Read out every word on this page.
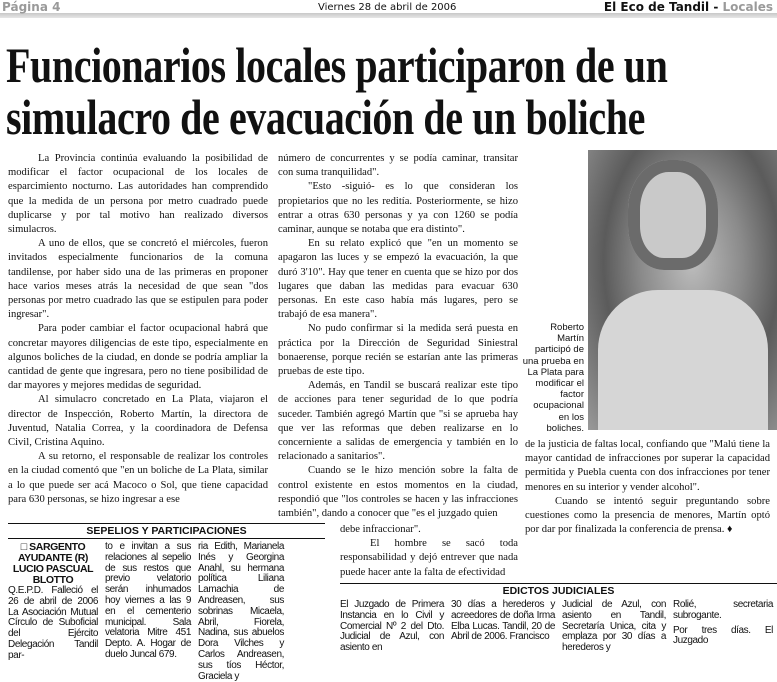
Página 4	Viernes 28 de abril de 2006	El Eco de Tandil - Locales
Funcionarios locales participaron de un
simulacro de evacuación de un boliche

La Provincia continúa evaluando la posibilidad de modificar el factor ocupacional de los locales de esparcimiento nocturno. Las autoridades han comprendido que la medida de un persona por metro cuadrado puede duplicarse y por tal motivo han realizado diversos simulacros.

A uno de ellos, que se concretó el miércoles, fueron invitados especialmente funcionarios de la comuna tandilense, por haber sido una de las primeras en proponer hace varios meses atrás la necesidad de que sean "dos personas por metro cuadrado las que se estipulen para poder ingresar".

Para poder cambiar el factor ocupacional habrá que concretar mayores diligencias de este tipo, especialmente en algunos boliches de la ciudad, en donde se podría ampliar la cantidad de gente que ingresara, pero no tiene posibilidad de dar mayores y mejores medidas de seguridad.

Al simulacro concretado en La Plata, viajaron el director de Inspección, Roberto Martín, la directora de Juventud, Natalia Correa, y la coordinadora de Defensa Civil, Cristina Aquino.

A su retorno, el responsable de realizar los controles en la ciudad comentó que "en un boliche de La Plata, similar a lo que puede ser acá Macoco o Sol, que tiene capacidad para 630 personas, se hizo ingresar a ese

número de concurrentes y se podía caminar, transitar con suma tranquilidad".

"Esto -siguió- es lo que consideran los propietarios que no les reditía. Posteriormente, se hizo entrar a otras 630 personas y ya con 1260 se podía caminar, aunque se notaba que era distinto".

En su relato explicó que "en un momento se apagaron las luces y se empezó la evacuación, la que duró 3'10". Hay que tener en cuenta que se hizo por dos lugares que daban las medidas para evacuar 630 personas. En este caso había más lugares, pero se trabajó de esa manera".

No pudo confirmar si la medida será puesta en práctica por la Dirección de Seguridad Siniestral bonaerense, porque recién se estarían ante las primeras pruebas de este tipo.

Además, en Tandil se buscará realizar este tipo de acciones para tener seguridad de lo que podría suceder. También agregó Martín que "si se aprueba hay que ver las reformas que deben realizarse en lo concerniente a salidas de emergencia y también en lo relacionado a sanitarios".

Cuando se le hizo mención sobre la falta de control existente en estos momentos en la ciudad, respondió que "los controles se hacen y las infracciones también", dando a conocer que "es el juzgado quien

debe infraccionar".

El hombre se sacó toda responsabilidad y dejó entrever que nada puede hacer ante la falta de efectividad

Roberto Martín participó de una prueba en La Plata para modificar el factor ocupacional en los boliches.

de la justicia de faltas local, confiando que "Malú tiene la mayor cantidad de infracciones por superar la capacidad permitida y Puebla cuenta con dos infracciones por tener menores en su interior y vender alcohol".

Cuando se intentó seguir preguntando sobre cuestiones como la presencia de menores, Martín optó por dar por finalizada la conferencia de prensa. ♦

SEPELIOS Y PARTICIPACIONES
□ SARGENTO AYUDANTE (R) LUCIO PASCUAL BLOTTO

Q.E.P.D. Falleció el 26 de abril de 2006 La Asociación Mutual Círculo de Suboficial del Ejército Delegación Tandil par-

to e invitan a sus relaciones al sepelio de sus restos que previo velatorio serán inhumados hoy viernes a las 9 en el cementerio municipal. Sala velatoria Mitre 451 Depto. A. Hogar de duelo Juncal 679.

ria Edith, Marianela Inés y Georgina Anahl, su hermana política Liliana Lamachia de Andreasen, sus sobrinas Micaela, Abril, Fiorela, Nadina, sus abuelos Dora Vilches y Carlos Andreasen, sus tíos Héctor, Graciela y

EDICTOS JUDICIALES

El Juzgado de Primera Instancia en lo Civil y Comercial Nº 2 del Dto. Judicial de Azul, con asiento en

30 días a herederos y acreedores de doña Irma Elba Lucas. Tandil, 20 de Abril de 2006. Francisco

Judicial de Azul, con asiento en Tandil, Secretaría Unica, cita y emplaza por 30 días a herederos y

Rolié, secretaria subrogante.

Por tres días. El Juzgado
